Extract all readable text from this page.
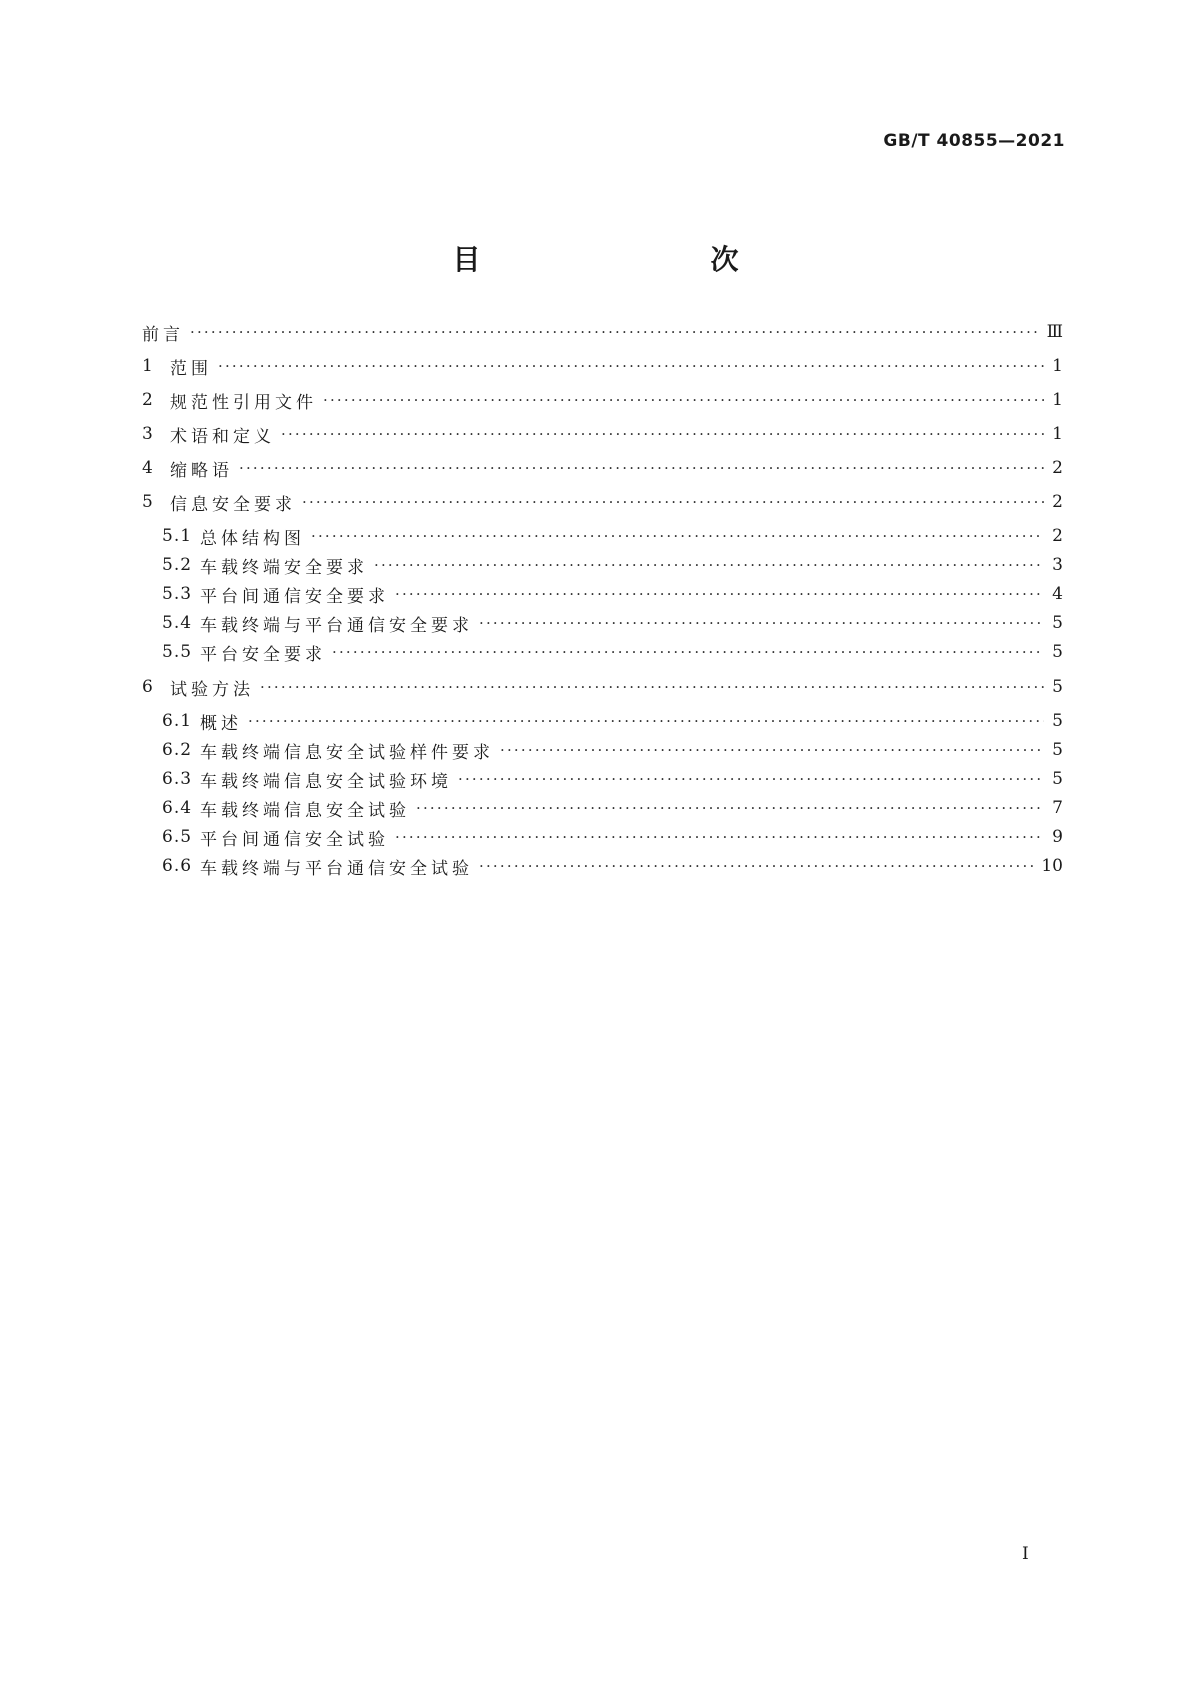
GB/T 40855—2021
目　　次
前言 ·····	Ⅲ
1 范围 ·····	1
2 规范性引用文件 ·····	1
3 术语和定义 ·····	1
4 缩略语 ·····	2
5 信息安全要求 ·····	2
5.1 总体结构图 ·····	2
5.2 车载终端安全要求 ·····	3
5.3 平台间通信安全要求 ·····	4
5.4 车载终端与平台通信安全要求 ·····	5
5.5 平台安全要求 ·····	5
6 试验方法 ·····	5
6.1 概述 ·····	5
6.2 车载终端信息安全试验样件要求 ·····	5
6.3 车载终端信息安全试验环境 ·····	5
6.4 车载终端信息安全试验 ·····	7
6.5 平台间通信安全试验 ·····	9
6.6 车载终端与平台通信安全试验 ·····	10
Ⅰ
